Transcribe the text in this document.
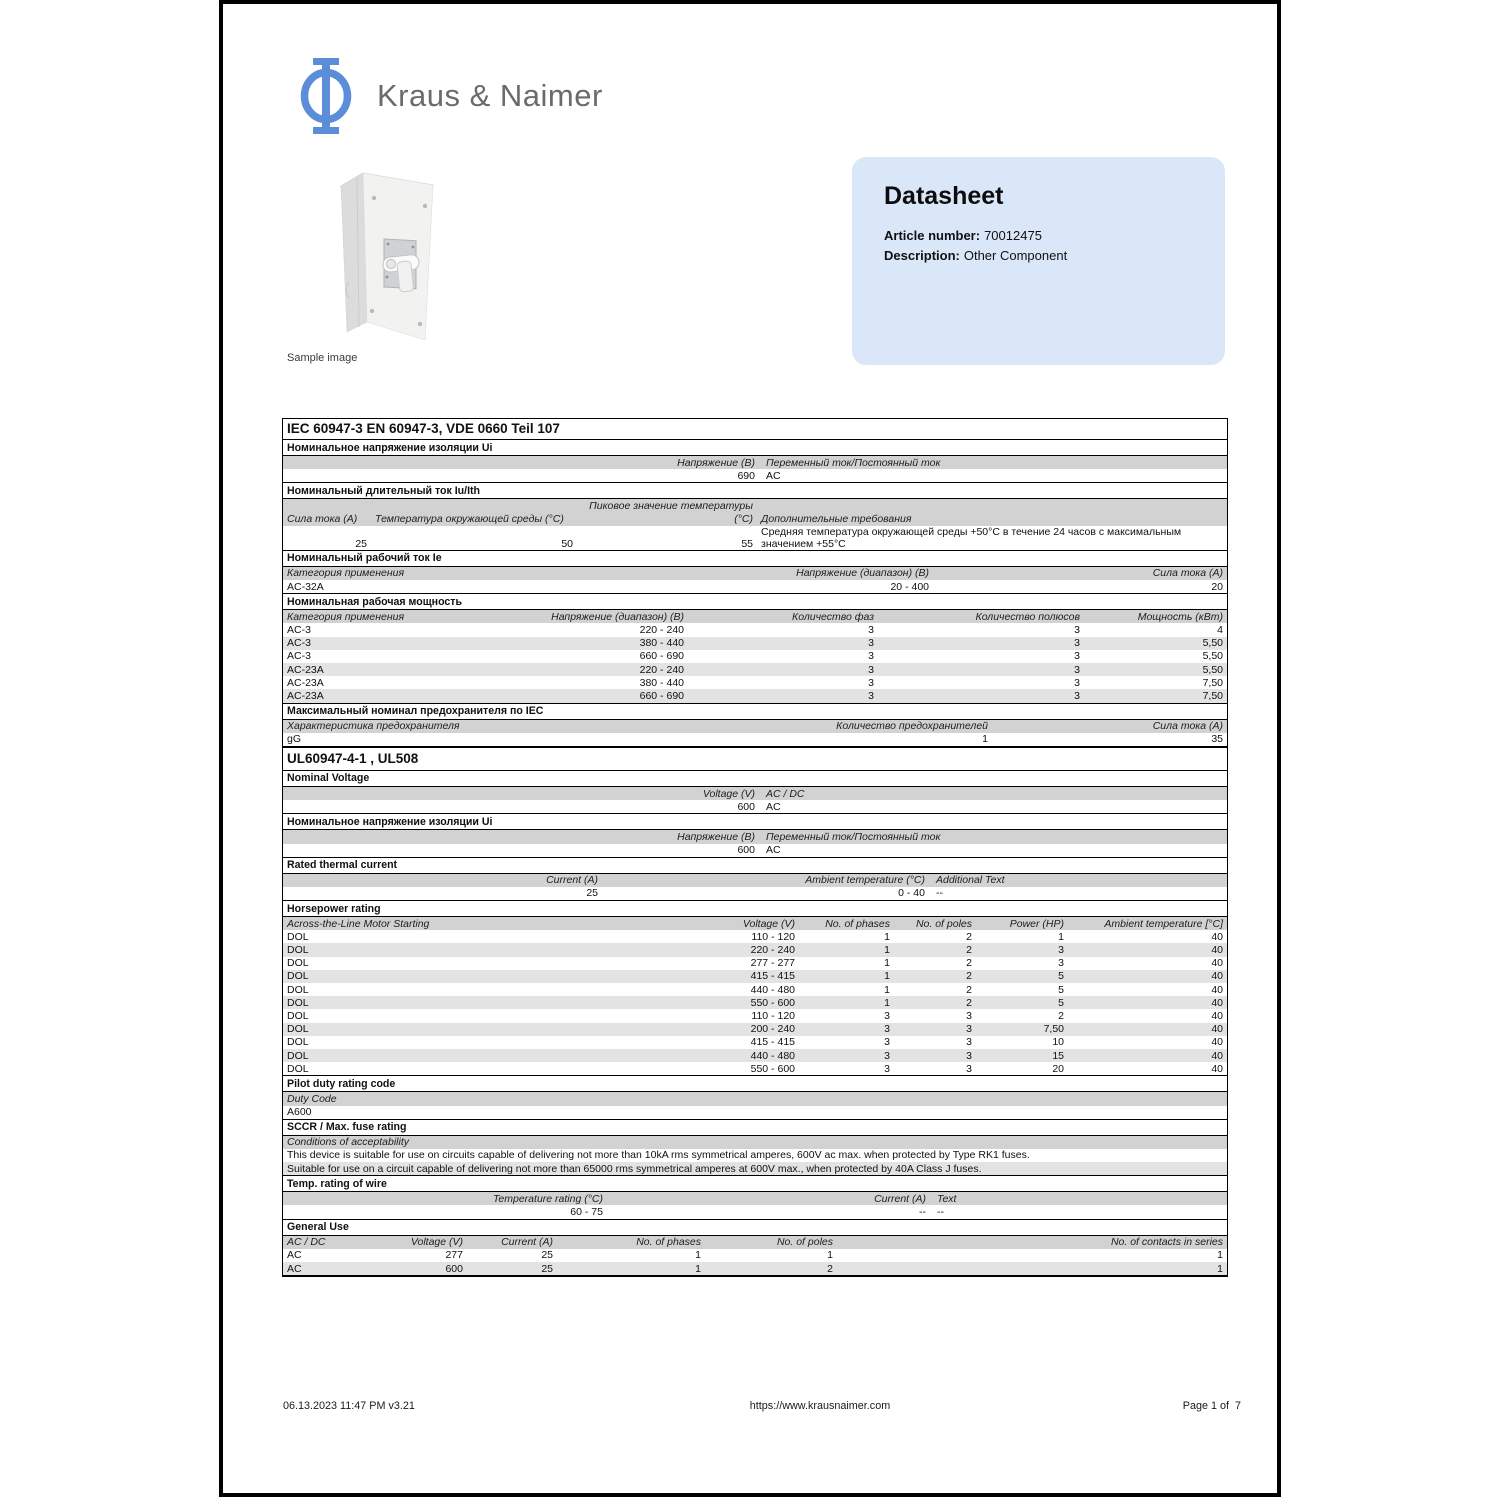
Kraus & Naimer
Sample image
Datasheet
Article number: 70012475
Description: Other Component
IEC 60947-3 EN 60947-3, VDE 0660 Teil 107
Номинальное напряжение изоляции Ui
Напряжение (B)	Переменный ток/Постоянный ток
690	AC
Номинальный длительный ток Iu/Ith
		Пиковое значение температуры	
Сила тока (A)	Температура окружающей среды (°C)	(°C)	Дополнительные требования
25	50	55	Средняя температура окружающей среды +50°C в течение 24 часов с максимальным значением +55°C
Номинальный рабочий ток Ie
Категория применения	Напряжение (диапазон) (B)	Сила тока (A)
AC-32A	20 - 400	20
Номинальная рабочая мощность
Категория применения	Напряжение (диапазон) (B)	Количество фаз	Количество полюсов	Мощность (кВт)
AC-3	220 - 240	3	3	4
AC-3	380 - 440	3	3	5,50
AC-3	660 - 690	3	3	5,50
AC-23A	220 - 240	3	3	5,50
AC-23A	380 - 440	3	3	7,50
AC-23A	660 - 690	3	3	7,50
Максимальный номинал предохранителя по IEC
Характеристика предохранителя	Количество предохранителей	Сила тока (A)
gG	1	35
UL60947-4-1 , UL508
Nominal Voltage
Voltage (V)	AC / DC
600	AC
Номинальное напряжение изоляции Ui
Напряжение (B)	Переменный ток/Постоянный ток
600	AC
Rated thermal current
Current (A)	Ambient temperature (°C)	Additional Text
25	0 - 40	--
Horsepower rating
Across-the-Line Motor Starting	Voltage (V)	No. of phases	No. of poles	Power (HP)	Ambient temperature [°C]
DOL	110 - 120	1	2	1	40
DOL	220 - 240	1	2	3	40
DOL	277 - 277	1	2	3	40
DOL	415 - 415	1	2	5	40
DOL	440 - 480	1	2	5	40
DOL	550 - 600	1	2	5	40
DOL	110 - 120	3	3	2	40
DOL	200 - 240	3	3	7,50	40
DOL	415 - 415	3	3	10	40
DOL	440 - 480	3	3	15	40
DOL	550 - 600	3	3	20	40
Pilot duty rating code
Duty Code
A600
SCCR / Max. fuse rating
Conditions of acceptability
This device is suitable for use on circuits capable of delivering not more than 10kA rms symmetrical amperes, 600V ac max. when protected by Type RK1 fuses.
Suitable for use on a circuit capable of delivering not more than 65000 rms symmetrical amperes at 600V max., when protected by 40A Class J fuses.
Temp. rating of wire
Temperature rating (°C)	Current (A)	Text
60 - 75	--	--
General Use
AC / DC	Voltage (V)	Current (A)	No. of phases	No. of poles	No. of contacts in series
AC	277	25	1	1	1
AC	600	25	1	2	1
06.13.2023 11:47 PM v3.21	https://www.krausnaimer.com	Page 1 of  7
